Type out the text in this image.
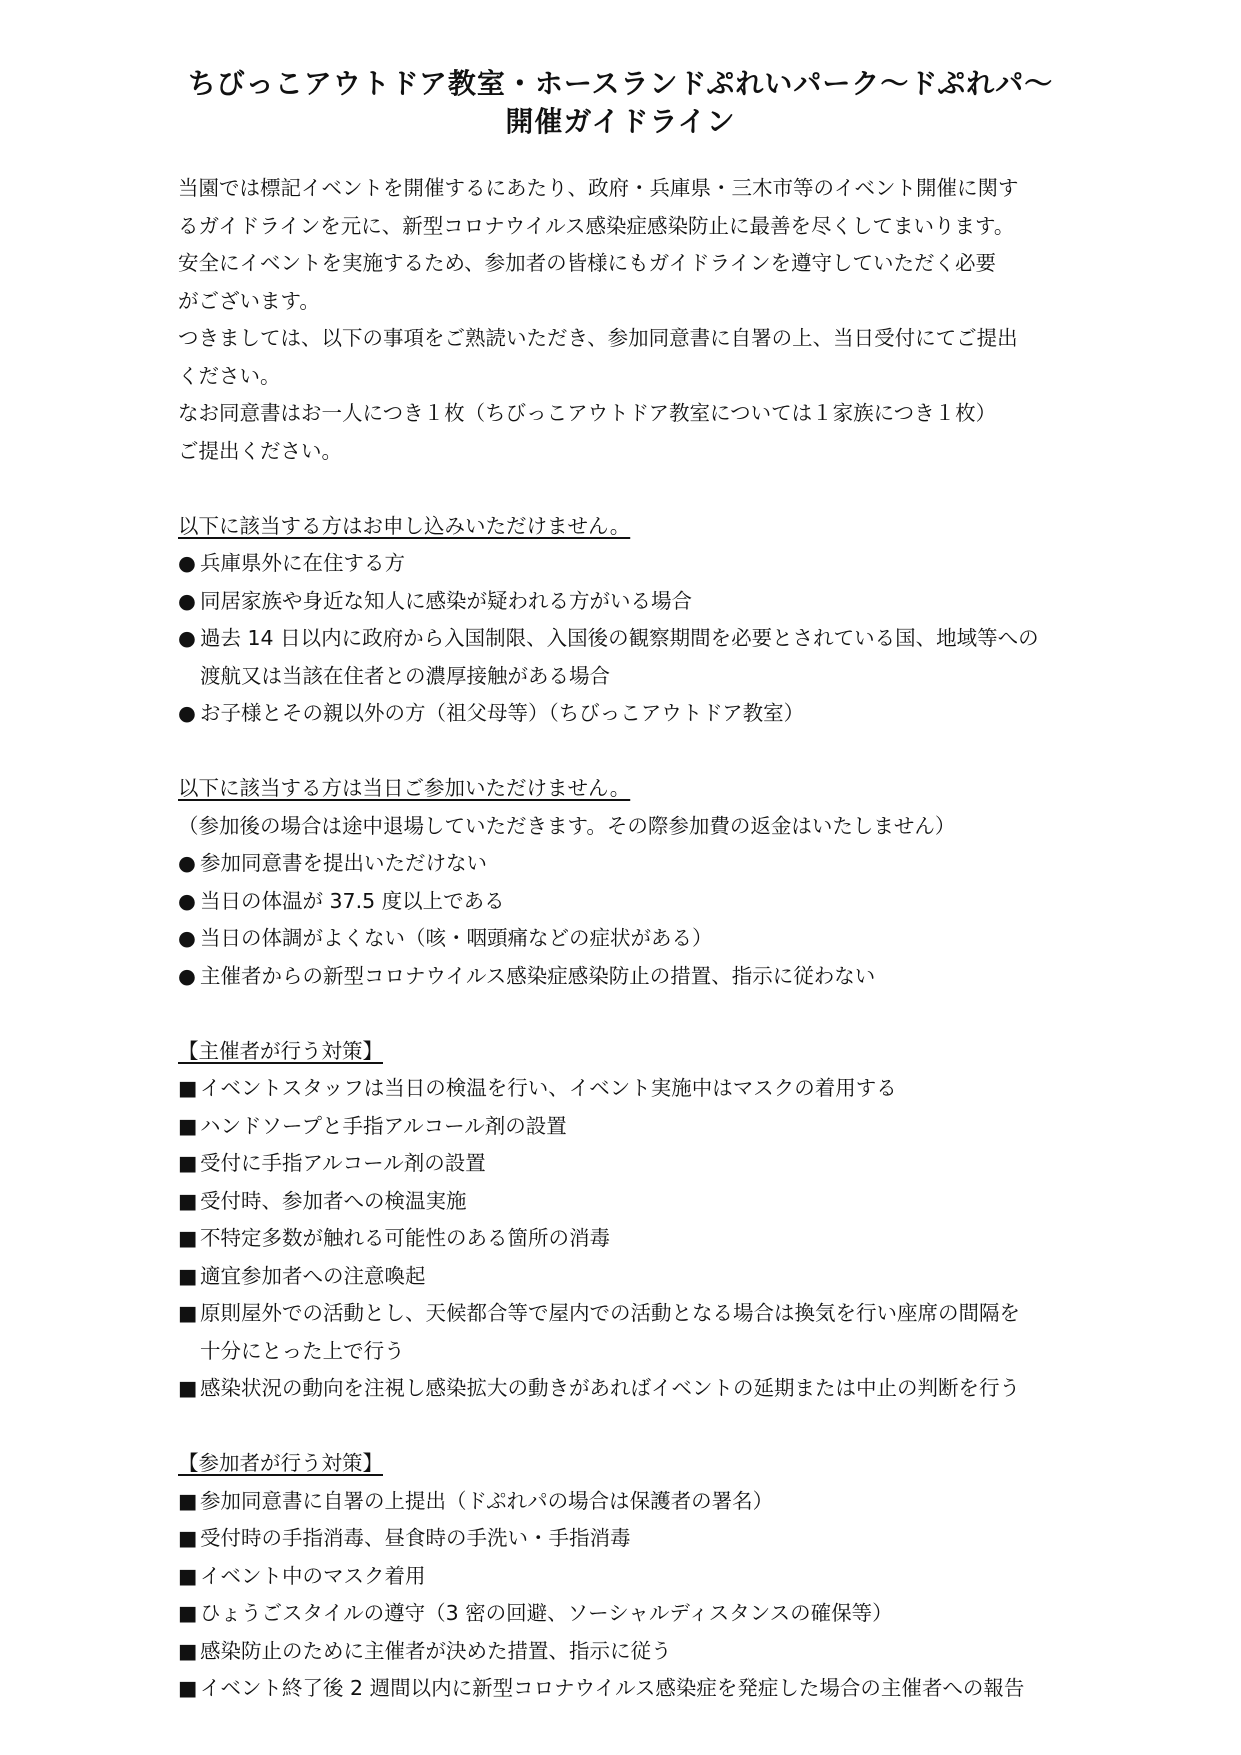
ちびっこアウトドア教室・ホースランドぷれいパーク～ドぷれパ～
開催ガイドライン
当園では標記イベントを開催するにあたり、政府・兵庫県・三木市等のイベント開催に関す
るガイドラインを元に、新型コロナウイルス感染症感染防止に最善を尽くしてまいります。
安全にイベントを実施するため、参加者の皆様にもガイドラインを遵守していただく必要
がございます。
つきましては、以下の事項をご熟読いただき、参加同意書に自署の上、当日受付にてご提出
ください。
なお同意書はお一人につき１枚（ちびっこアウトドア教室については１家族につき１枚）
ご提出ください。
以下に該当する方はお申し込みいただけません。
● 兵庫県外に在住する方
● 同居家族や身近な知人に感染が疑われる方がいる場合
● 過去 14 日以内に政府から入国制限、入国後の観察期間を必要とされている国、地域等への
渡航又は当該在住者との濃厚接触がある場合
● お子様とその親以外の方（祖父母等）（ちびっこアウトドア教室）
以下に該当する方は当日ご参加いただけません。
（参加後の場合は途中退場していただきます。その際参加費の返金はいたしません）
● 参加同意書を提出いただけない
● 当日の体温が 37.5 度以上である
● 当日の体調がよくない（咳・咽頭痛などの症状がある）
● 主催者からの新型コロナウイルス感染症感染防止の措置、指示に従わない
【主催者が行う対策】
■ イベントスタッフは当日の検温を行い、イベント実施中はマスクの着用する
■ ハンドソープと手指アルコール剤の設置
■ 受付に手指アルコール剤の設置
■ 受付時、参加者への検温実施
■ 不特定多数が触れる可能性のある箇所の消毒
■ 適宜参加者への注意喚起
■ 原則屋外での活動とし、天候都合等で屋内での活動となる場合は換気を行い座席の間隔を
十分にとった上で行う
■ 感染状況の動向を注視し感染拡大の動きがあればイベントの延期または中止の判断を行う
【参加者が行う対策】
■ 参加同意書に自署の上提出（ドぷれパの場合は保護者の署名）
■ 受付時の手指消毒、昼食時の手洗い・手指消毒
■ イベント中のマスク着用
■ ひょうごスタイルの遵守（3 密の回避、ソーシャルディスタンスの確保等）
■ 感染防止のために主催者が決めた措置、指示に従う
■ イベント終了後 2 週間以内に新型コロナウイルス感染症を発症した場合の主催者への報告
